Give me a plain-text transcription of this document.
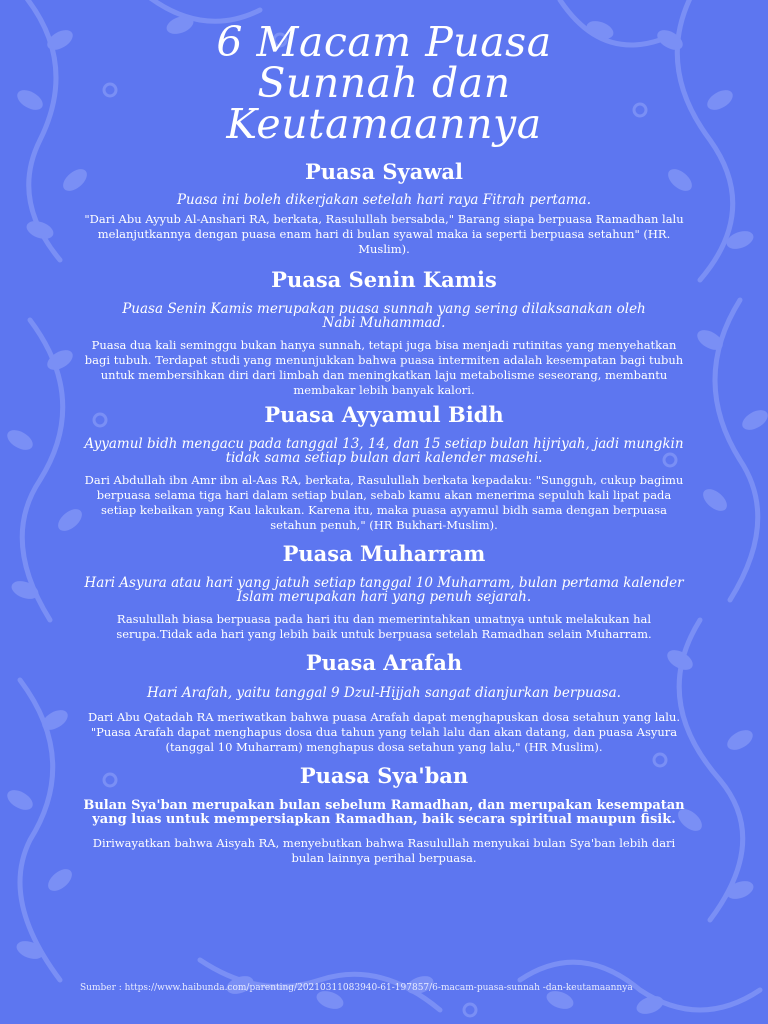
6 Macam Puasa
Sunnah dan
Keutamaannya
Puasa Syawal

Puasa ini boleh dikerjakan setelah hari raya Fitrah pertama.

"Dari Abu Ayyub Al-Anshari RA, berkata, Rasulullah bersabda," Barang siapa berpuasa Ramadhan lalu melanjutkannya dengan puasa enam hari di bulan syawal maka ia seperti berpuasa setahun" (HR. Muslim).

Puasa Senin Kamis

Puasa Senin Kamis merupakan puasa sunnah yang sering dilaksanakan oleh Nabi Muhammad.

Puasa dua kali seminggu bukan hanya sunnah, tetapi juga bisa menjadi rutinitas yang menyehatkan bagi tubuh. Terdapat studi yang menunjukkan bahwa puasa intermiten adalah kesempatan bagi tubuh untuk membersihkan diri dari limbah dan meningkatkan laju metabolisme seseorang, membantu membakar lebih banyak kalori.

Puasa Ayyamul Bidh

Ayyamul bidh mengacu pada tanggal 13, 14, dan 15 setiap bulan hijriyah, jadi mungkin tidak sama setiap bulan dari kalender masehi.

Dari Abdullah ibn Amr ibn al-Aas RA, berkata, Rasulullah berkata kepadaku: "Sungguh, cukup bagimu berpuasa selama tiga hari dalam setiap bulan, sebab kamu akan menerima sepuluh kali lipat pada setiap kebaikan yang Kau lakukan. Karena itu, maka puasa ayyamul bidh sama dengan berpuasa setahun penuh," (HR Bukhari-Muslim).

Puasa Muharram

Hari Asyura atau hari yang jatuh setiap tanggal 10 Muharram, bulan pertama kalender Islam merupakan hari yang penuh sejarah.

Rasulullah biasa berpuasa pada hari itu dan memerintahkan umatnya untuk melakukan hal serupa.Tidak ada hari yang lebih baik untuk berpuasa setelah Ramadhan selain Muharram.

Puasa Arafah

Hari Arafah, yaitu tanggal 9 Dzul-Hijjah sangat dianjurkan berpuasa.

Dari Abu Qatadah RA meriwatkan bahwa puasa Arafah dapat menghapuskan dosa setahun yang lalu.

"Puasa Arafah dapat menghapus dosa dua tahun yang telah lalu dan akan datang, dan puasa Asyura (tanggal 10 Muharram) menghapus dosa setahun yang lalu," (HR Muslim).

Puasa Sya'ban

Bulan Sya'ban merupakan bulan sebelum Ramadhan, dan merupakan kesempatan yang luas untuk mempersiapkan Ramadhan, baik secara spiritual maupun fisik.

Diriwayatkan bahwa Aisyah RA, menyebutkan bahwa Rasulullah menyukai bulan Sya'ban lebih dari bulan lainnya perihal berpuasa.

Sumber : https://www.haibunda.com/parenting/20210311083940-61-197857/6-macam-puasa-sunnah -dan-keutamaannya
